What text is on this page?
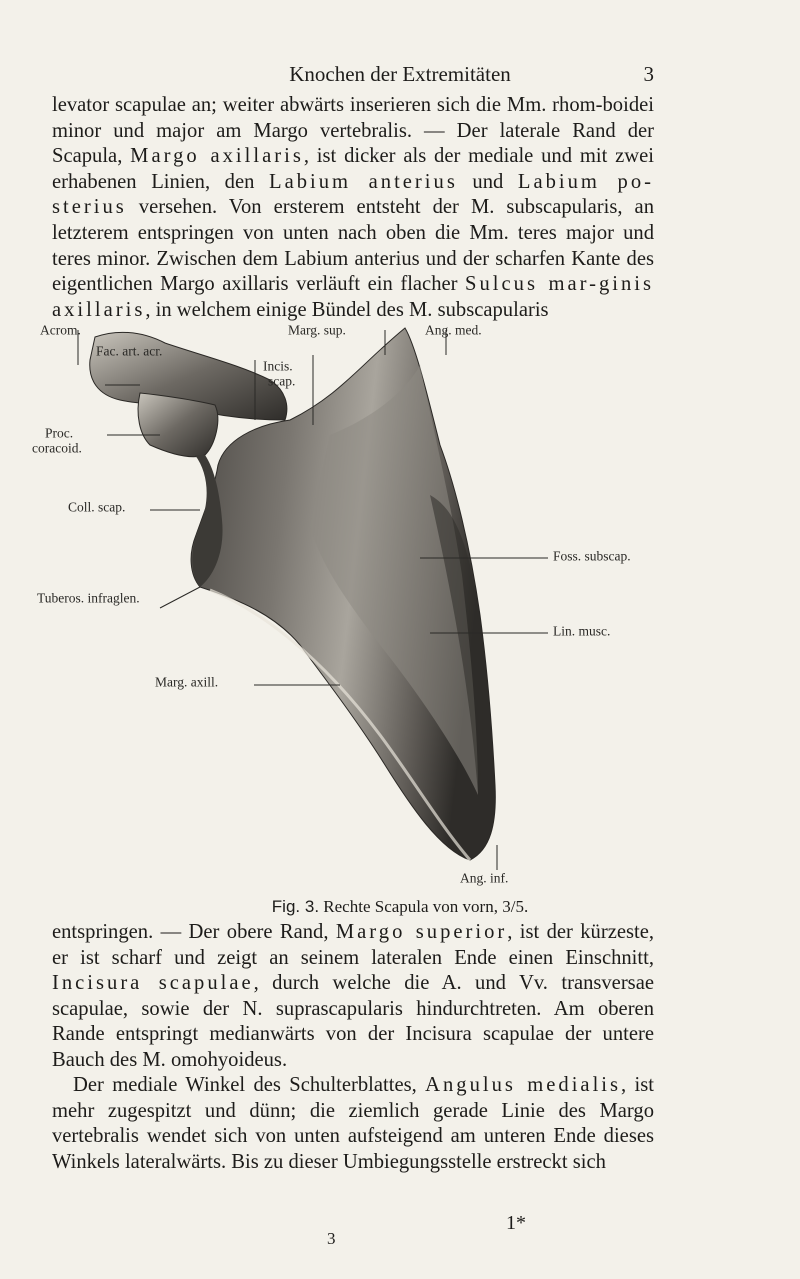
Knochen der Extremitäten	3

levator scapulae an; weiter abwärts inserieren sich die Mm. rhom-boidei minor und major am Margo vertebralis. — Der laterale Rand der Scapula, Margo axillaris, ist dicker als der mediale und mit zwei erhabenen Linien, den Labium anterius und Labium po-sterius versehen. Von ersterem entsteht der M. subscapularis, an letzterem entspringen von unten nach oben die Mm. teres major und teres minor. Zwischen dem Labium anterius und der scharfen Kante des eigentlichen Margo axillaris verläuft ein flacher Sulcus mar-ginis axillaris, in welchem einige Bündel des M. subscapularis

Acrom.	Marg. sup.	Ang. med.
Fac. art. acr.
Incis.
scap.
Proc.
coracoid.
Coll. scap.
Foss. subscap.
Tuberos. infraglen.
Lin. musc.
Marg. axill.
Ang. inf.
Fig. 3. Rechte Scapula von vorn, 3/5.

entspringen. — Der obere Rand, Margo superior, ist der kürzeste, er ist scharf und zeigt an seinem lateralen Ende einen Einschnitt, Incisura scapulae, durch welche die A. und Vv. transversae scapulae, sowie der N. suprascapularis hindurchtreten. Am oberen Rande entspringt medianwärts von der Incisura scapulae der untere Bauch des M. omohyoideus.

Der mediale Winkel des Schulterblattes, Angulus medialis, ist mehr zugespitzt und dünn; die ziemlich gerade Linie des Margo vertebralis wendet sich von unten aufsteigend am unteren Ende dieses Winkels lateralwärts. Bis zu dieser Umbiegungsstelle erstreckt sich

1*
3
